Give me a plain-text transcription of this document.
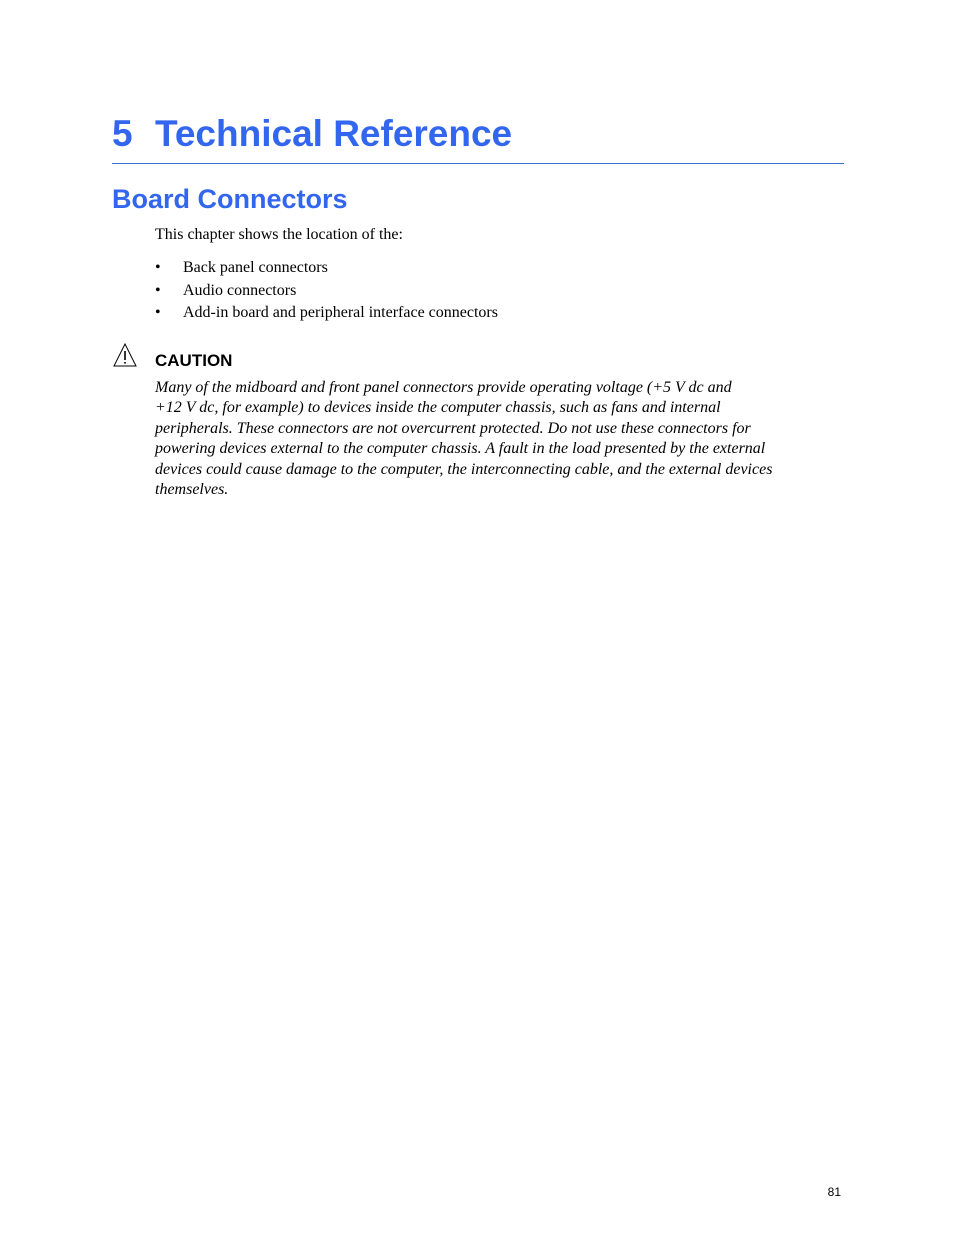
5 Technical Reference
Board Connectors

This chapter shows the location of the:

• Back panel connectors
• Audio connectors
• Add-in board and peripheral interface connectors

CAUTION

Many of the midboard and front panel connectors provide operating voltage (+5 V dc and
+12 V dc, for example) to devices inside the computer chassis, such as fans and internal
peripherals. These connectors are not overcurrent protected. Do not use these connectors for
powering devices external to the computer chassis. A fault in the load presented by the external
devices could cause damage to the computer, the interconnecting cable, and the external devices
themselves.

81
